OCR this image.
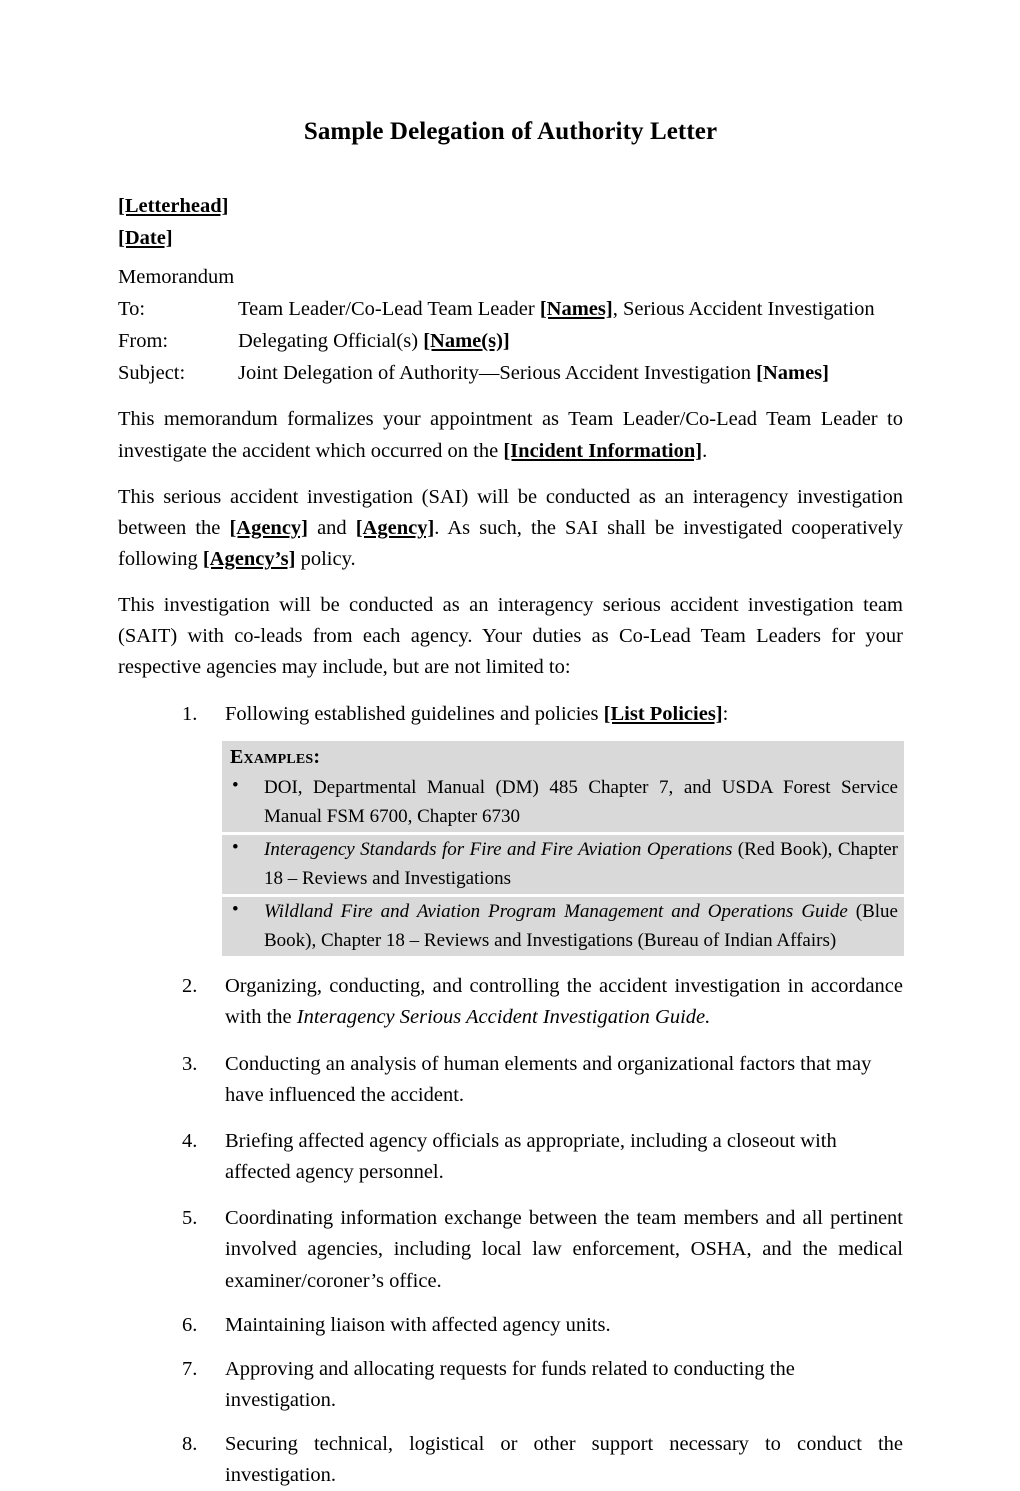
Sample Delegation of Authority Letter

[Letterhead]

[Date]

Memorandum

To:	Team Leader/Co-Lead Team Leader [Names], Serious Accident Investigation
From:	Delegating Official(s) [Name(s)]
Subject:	Joint Delegation of Authority—Serious Accident Investigation [Names]

This memorandum formalizes your appointment as Team Leader/Co-Lead Team Leader to investigate the accident which occurred on the [Incident Information].

This serious accident investigation (SAI) will be conducted as an interagency investigation between the [Agency] and [Agency]. As such, the SAI shall be investigated cooperatively following [Agency’s] policy.

This investigation will be conducted as an interagency serious accident investigation team (SAIT) with co-leads from each agency. Your duties as Co-Lead Team Leaders for your respective agencies may include, but are not limited to:

1.	Following established guidelines and policies [List Policies]:
Examples:
• DOI, Departmental Manual (DM) 485 Chapter 7, and USDA Forest Service Manual FSM 6700, Chapter 6730
• Interagency Standards for Fire and Fire Aviation Operations (Red Book), Chapter 18 – Reviews and Investigations
• Wildland Fire and Aviation Program Management and Operations Guide (Blue Book), Chapter 18 – Reviews and Investigations (Bureau of Indian Affairs)
2.	Organizing, conducting, and controlling the accident investigation in accordance with the Interagency Serious Accident Investigation Guide.
3.	Conducting an analysis of human elements and organizational factors that may have influenced the accident.
4.	Briefing affected agency officials as appropriate, including a closeout with affected agency personnel.
5.	Coordinating information exchange between the team members and all pertinent involved agencies, including local law enforcement, OSHA, and the medical examiner/coroner’s office.
6.	Maintaining liaison with affected agency units.
7.	Approving and allocating requests for funds related to conducting the investigation.
8.	Securing technical, logistical or other support necessary to conduct the investigation.
